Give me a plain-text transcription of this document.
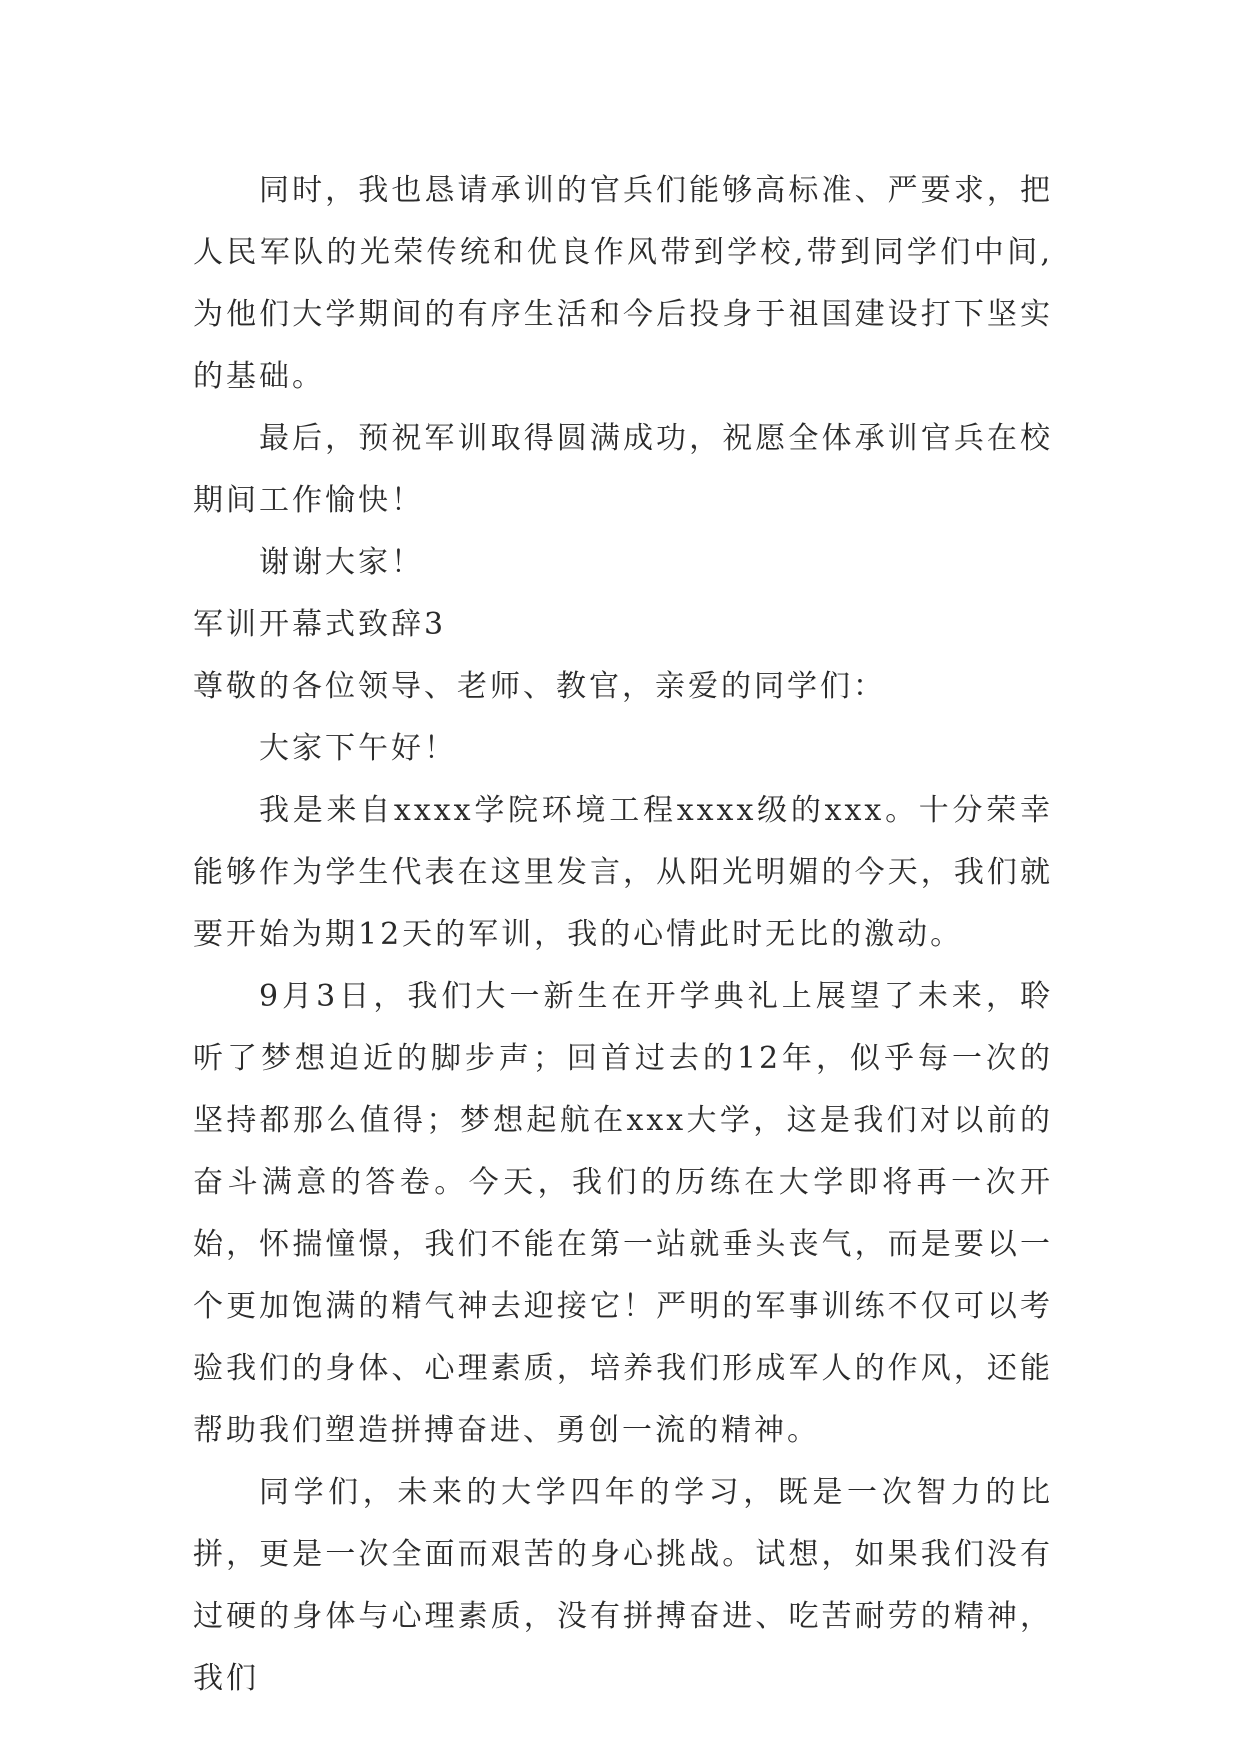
同时，我也恳请承训的官兵们能够高标准、严要求，把人民军队的光荣传统和优良作风带到学校,带到同学们中间,为他们大学期间的有序生活和今后投身于祖国建设打下坚实的基础。

最后，预祝军训取得圆满成功，祝愿全体承训官兵在校期间工作愉快！

谢谢大家！

军训开幕式致辞3

尊敬的各位领导、老师、教官，亲爱的同学们：

大家下午好！

我是来自xxxx学院环境工程xxxx级的xxx。十分荣幸能够作为学生代表在这里发言，从阳光明媚的今天，我们就要开始为期12天的军训，我的心情此时无比的激动。

9月3日，我们大一新生在开学典礼上展望了未来，聆听了梦想迫近的脚步声；回首过去的12年，似乎每一次的坚持都那么值得；梦想起航在xxx大学，这是我们对以前的奋斗满意的答卷。今天，我们的历练在大学即将再一次开始，怀揣憧憬，我们不能在第一站就垂头丧气，而是要以一个更加饱满的精气神去迎接它！严明的军事训练不仅可以考验我们的身体、心理素质，培养我们形成军人的作风，还能帮助我们塑造拼搏奋进、勇创一流的精神。

同学们，未来的大学四年的学习，既是一次智力的比拼，更是一次全面而艰苦的身心挑战。试想，如果我们没有过硬的身体与心理素质，没有拼搏奋进、吃苦耐劳的精神，我们
